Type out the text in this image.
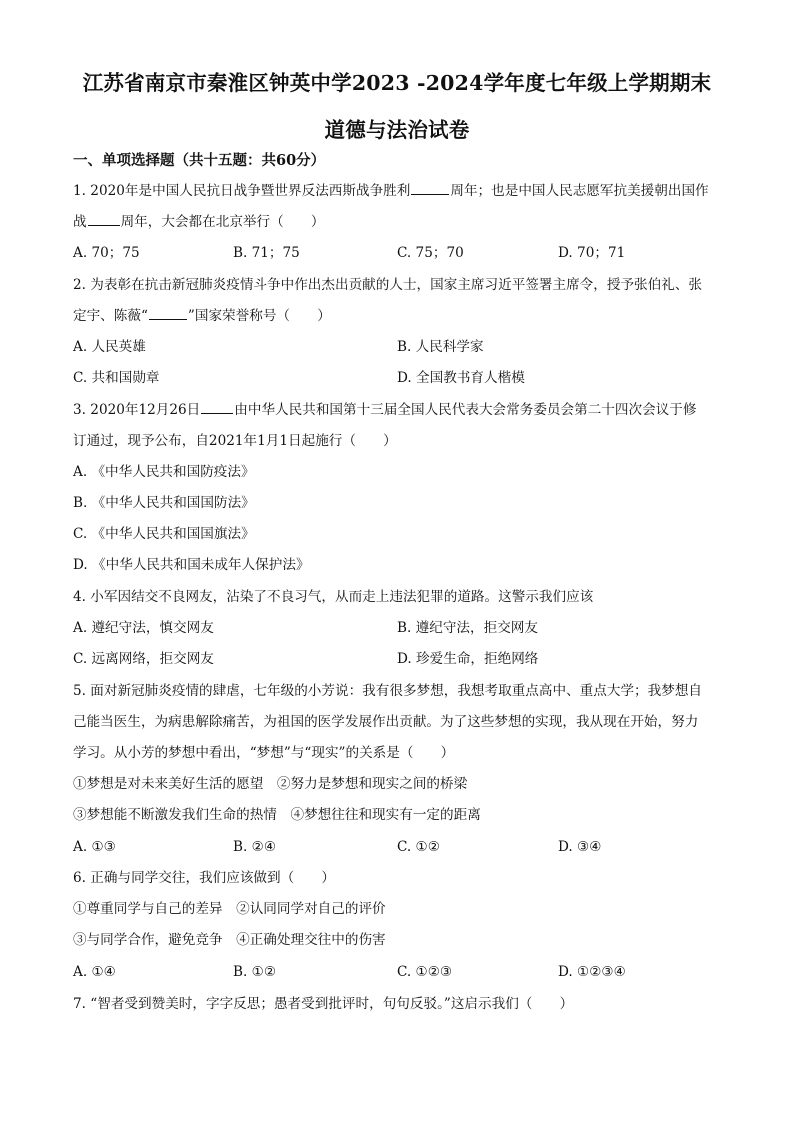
江苏省南京市秦淮区钟英中学2023 -2024学年度七年级上学期期末
道德与法治试卷
一、单项选择题（共十五题：共60分）
1. 2020年是中国人民抗日战争暨世界反法西斯战争胜利	周年；也是中国人民志愿军抗美援朝出国作
战	周年，大会都在北京举行（　　）
A. 70；75	B. 71；75	C. 75；70	D. 70；71
2. 为表彰在抗击新冠肺炎疫情斗争中作出杰出贡献的人士，国家主席习近平签署主席令，授予张伯礼、张
定宇、陈薇“	”国家荣誉称号（　　）
A. 人民英雄	B. 人民科学家
C. 共和国勋章	D. 全国教书育人楷模
3. 2020年12月26日	由中华人民共和国第十三届全国人民代表大会常务委员会第二十四次会议于修
订通过，现予公布，自2021年1月1日起施行（　　）
A. 《中华人民共和国防疫法》
B. 《中华人民共和国国防法》
C. 《中华人民共和国国旗法》
D. 《中华人民共和国未成年人保护法》
4. 小军因结交不良网友，沾染了不良习气，从而走上违法犯罪的道路。这警示我们应该
A. 遵纪守法，慎交网友	B. 遵纪守法，拒交网友
C. 远离网络，拒交网友	D. 珍爱生命，拒绝网络
5. 面对新冠肺炎疫情的肆虐，七年级的小芳说：我有很多梦想，我想考取重点高中、重点大学；我梦想自
己能当医生，为病患解除痛苦，为祖国的医学发展作出贡献。为了这些梦想的实现，我从现在开始，努力
学习。从小芳的梦想中看出，“梦想”与“现实”的关系是（　　）
①梦想是对未来美好生活的愿望　②努力是梦想和现实之间的桥梁
③梦想能不断激发我们生命的热情　④梦想往往和现实有一定的距离
A. ①③	B. ②④	C. ①②	D. ③④
6. 正确与同学交往，我们应该做到（　　）
①尊重同学与自己的差异　②认同同学对自己的评价
③与同学合作，避免竞争　④正确处理交往中的伤害
A. ①④	B. ①②	C. ①②③	D. ①②③④
7. “智者受到赞美时，字字反思；愚者受到批评时，句句反驳。”这启示我们（　　）
